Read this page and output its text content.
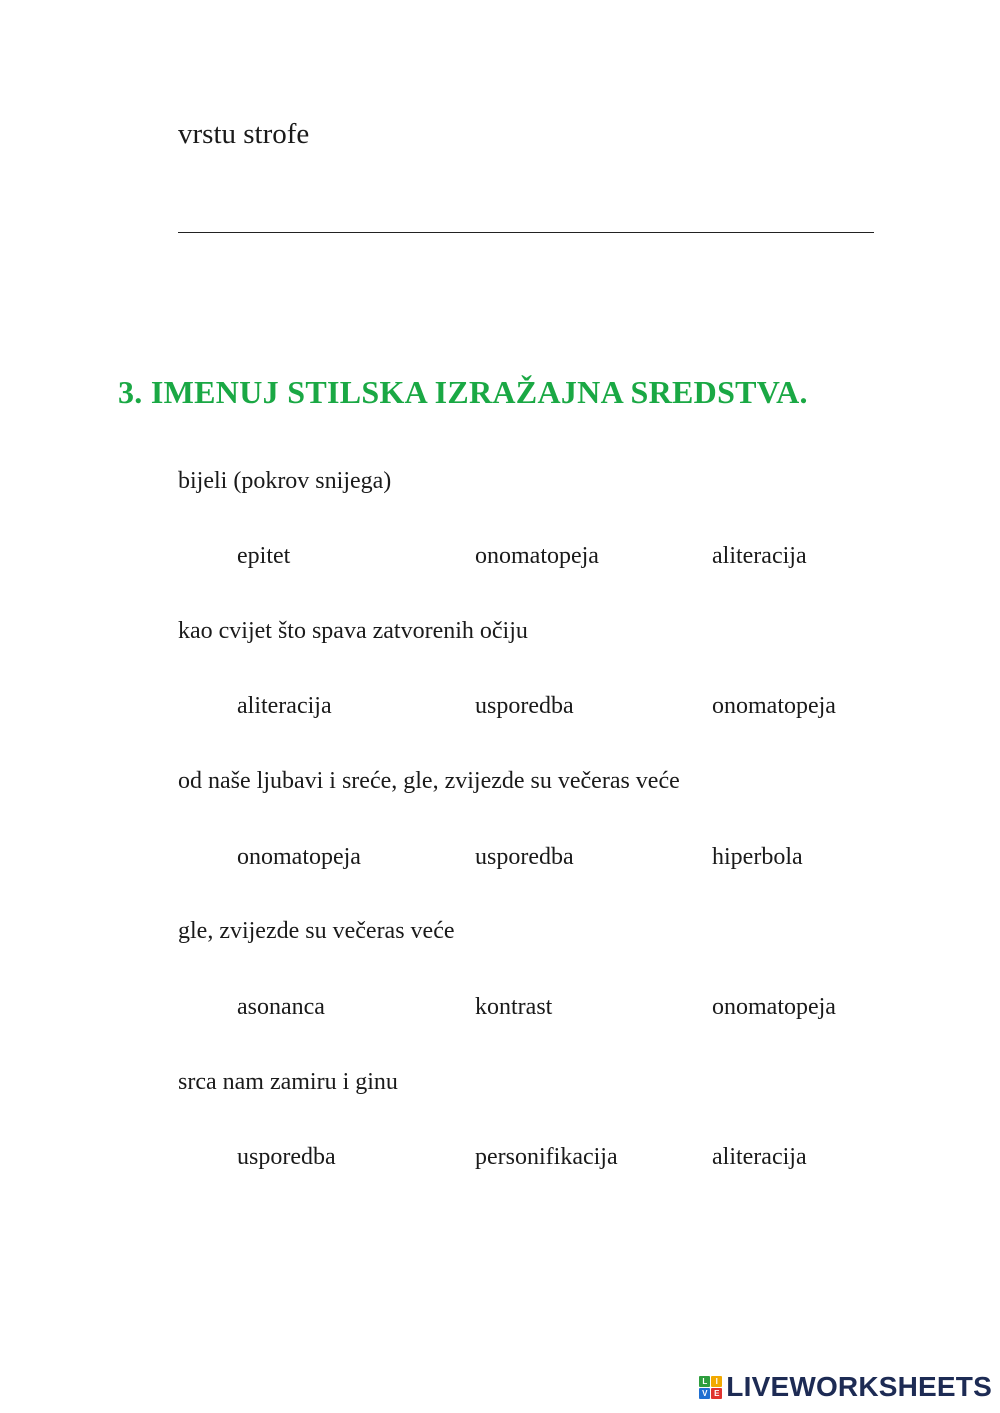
vrstu strofe
3. IMENUJ STILSKA IZRAŽAJNA SREDSTVA.
bijeli (pokrov snijega)
epitet	onomatopeja	aliteracija
kao cvijet što spava zatvorenih očiju
aliteracija	usporedba	onomatopeja
od naše ljubavi i sreće, gle, zvijezde su večeras veće
onomatopeja	usporedba	hiperbola
gle, zvijezde su večeras veće
asonanca	kontrast	onomatopeja
srca nam zamiru i ginu
usporedba	personifikacija	aliteracija
L	I
V E LIVEWORKSHEETS
